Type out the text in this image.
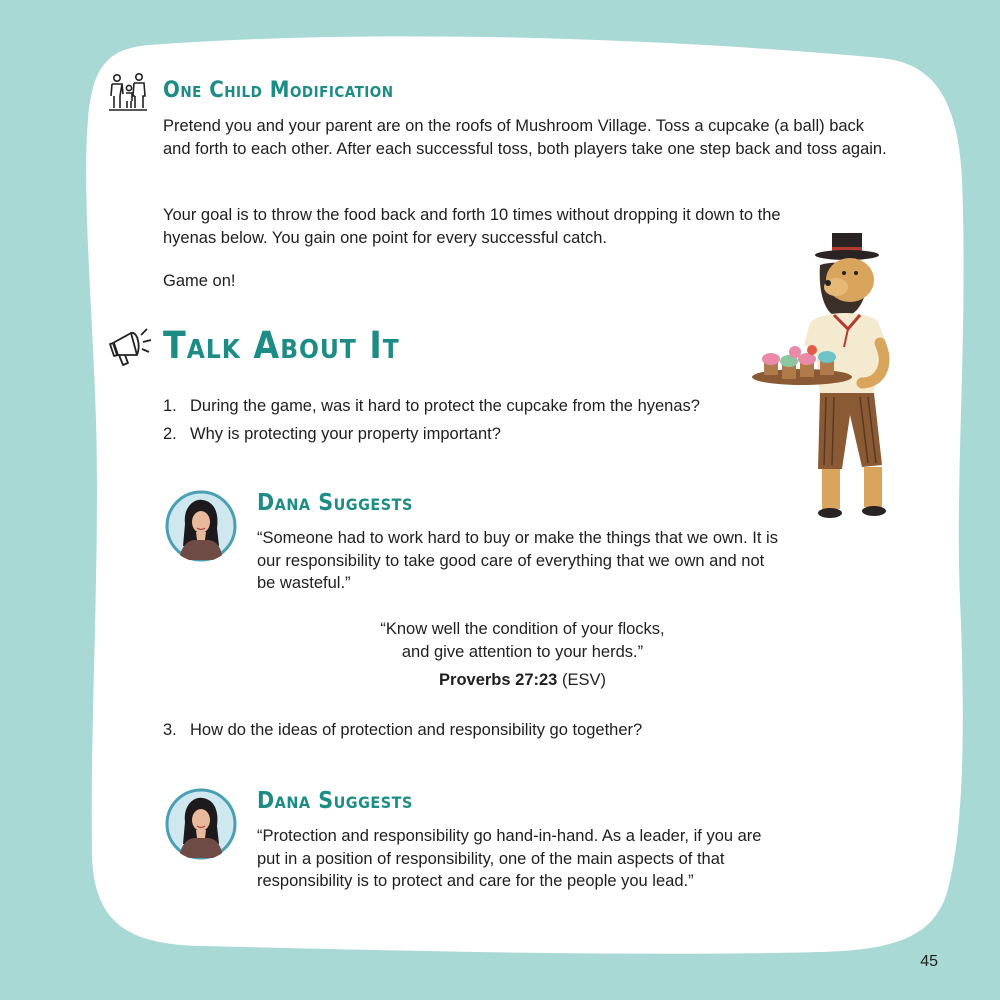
One Child Modification

Pretend you and your parent are on the roofs of Mushroom Village. Toss a cupcake (a ball) back and forth to each other. After each successful toss, both players take one step back and toss again.

Your goal is to throw the food back and forth 10 times without dropping it down to the hyenas below. You gain one point for every successful catch.

Game on!

Talk About It
1. During the game, was it hard to protect the cupcake from the hyenas?
2. Why is protecting your property important?
Dana Suggests

“Someone had to work hard to buy or make the things that we own. It is our responsibility to take good care of everything that we own and not be wasteful.”

“Know well the condition of your flocks,
and give attention to your herds.”
Proverbs 27:23 (ESV)
3. How do the ideas of protection and responsibility go together?
Dana Suggests

“Protection and responsibility go hand-in-hand. As a leader, if you are put in a position of responsibility, one of the main aspects of that responsibility is to protect and care for the people you lead.”

45
